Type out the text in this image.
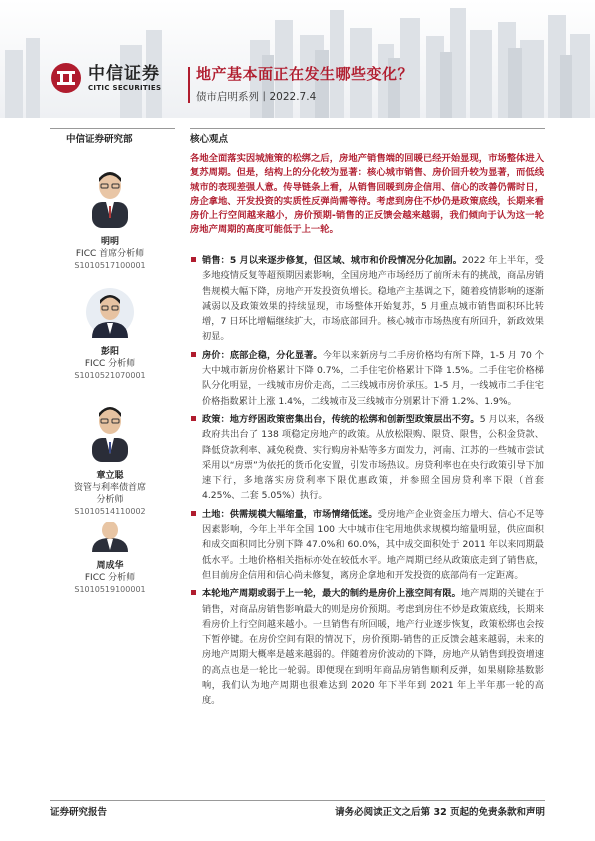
中信证券
CITIC SECURITIES
地产基本面正在发生哪些变化？
债市启明系列丨2022.7.4
中信证券研究部	核心观点
明明
FICC 首席分析师
S1010517100001
彭阳
FICC 分析师
S1010521070001
章立聪
资管与利率债首席
分析师
S1010514110002
周成华
FICC 分析师
S1010519100001
各地全面落实因城施策的松绑之后，房地产销售端的回暖已经开始显现，市场整体进入复苏周期。但是，结构上的分化较为显著：核心城市销售、房价回升较为显著，而低线城市的表现差强人意。传导链条上看，从销售回暖到房企信用、信心的改善仍需时日，房企拿地、开发投资的实质性反弹尚需等待。考虑到房住不炒仍是政策底线，长期来看房价上行空间越来越小，房价预期-销售的正反馈会越来越弱，我们倾向于认为这一轮房地产周期的高度可能低于上一轮。
销售：5 月以来逐步修复，但区域、城市和价段情况分化加剧。2022 年上半年，受多地疫情反复等超预期因素影响，全国房地产市场经历了前所未有的挑战，商品房销售规模大幅下降，房地产开发投资负增长。稳地产主基调之下，随着疫情影响的逐渐减弱以及政策效果的持续显现，市场整体开始复苏，5 月重点城市销售面积环比转增，7 日环比增幅继续扩大，市场底部回升。核心城市市场热度有所回升，新政效果初显。
房价：底部企稳，分化显著。今年以来新房与二手房价格均有所下降，1-5 月 70 个大中城市新房价格累计下降 0.7%，二手住宅价格累计下降 1.5%。二手住宅价格梯队分化明显，一线城市房价走高，二三线城市房价承压。1-5 月，一线城市二手住宅价格指数累计上涨 1.4%，二线城市及三线城市分别累计下滑 1.2%、1.9%。
政策：地方纾困政策密集出台，传统的松绑和创新型政策层出不穷。5 月以来，各级政府共出台了 138 项稳定房地产的政策。从放松限购、限贷、限售，公积金贷款、降低贷款利率、减免税费、实行购房补贴等多方面发力，河南、江苏的一些城市尝试采用以“房票”为依托的货币化安置，引发市场热议。房贷利率也在央行政策引导下加速下行，多地落实房贷利率下限优惠政策，并参照全国房贷利率下限（首套 4.25%、二套 5.05%）执行。
土地：供需规模大幅缩量，市场情绪低迷。受房地产企业资金压力增大、信心不足等因素影响，今年上半年全国 100 大中城市住宅用地供求规模均缩量明显，供应面积和成交面积同比分别下降 47.0%和 60.0%，其中成交面积处于 2011 年以来同期最低水平。土地价格相关指标亦处在较低水平。地产周期已经从政策底走到了销售底，但目前房企信用和信心尚未修复，离房企拿地和开发投资的底部尚有一定距离。
本轮地产周期或弱于上一轮，最大的制约是房价上涨空间有限。地产周期的关键在于销售，对商品房销售影响最大的则是房价预期。考虑到房住不炒是政策底线，长期来看房价上行空间越来越小。一旦销售有所回暖，地产行业逐步恢复，政策松绑也会按下暂停键。在房价空间有限的情况下，房价预期-销售的正反馈会越来越弱，未来的房地产周期大概率是越来越弱的。伴随着房价波动的下降，房地产从销售到投资增速的高点也是一轮比一轮弱。即便现在到明年商品房销售顺利反弹，如果剔除基数影响，我们认为地产周期也很难达到 2020 年下半年到 2021 年上半年那一轮的高度。
证券研究报告	请务必阅读正文之后第 32 页起的免责条款和声明
